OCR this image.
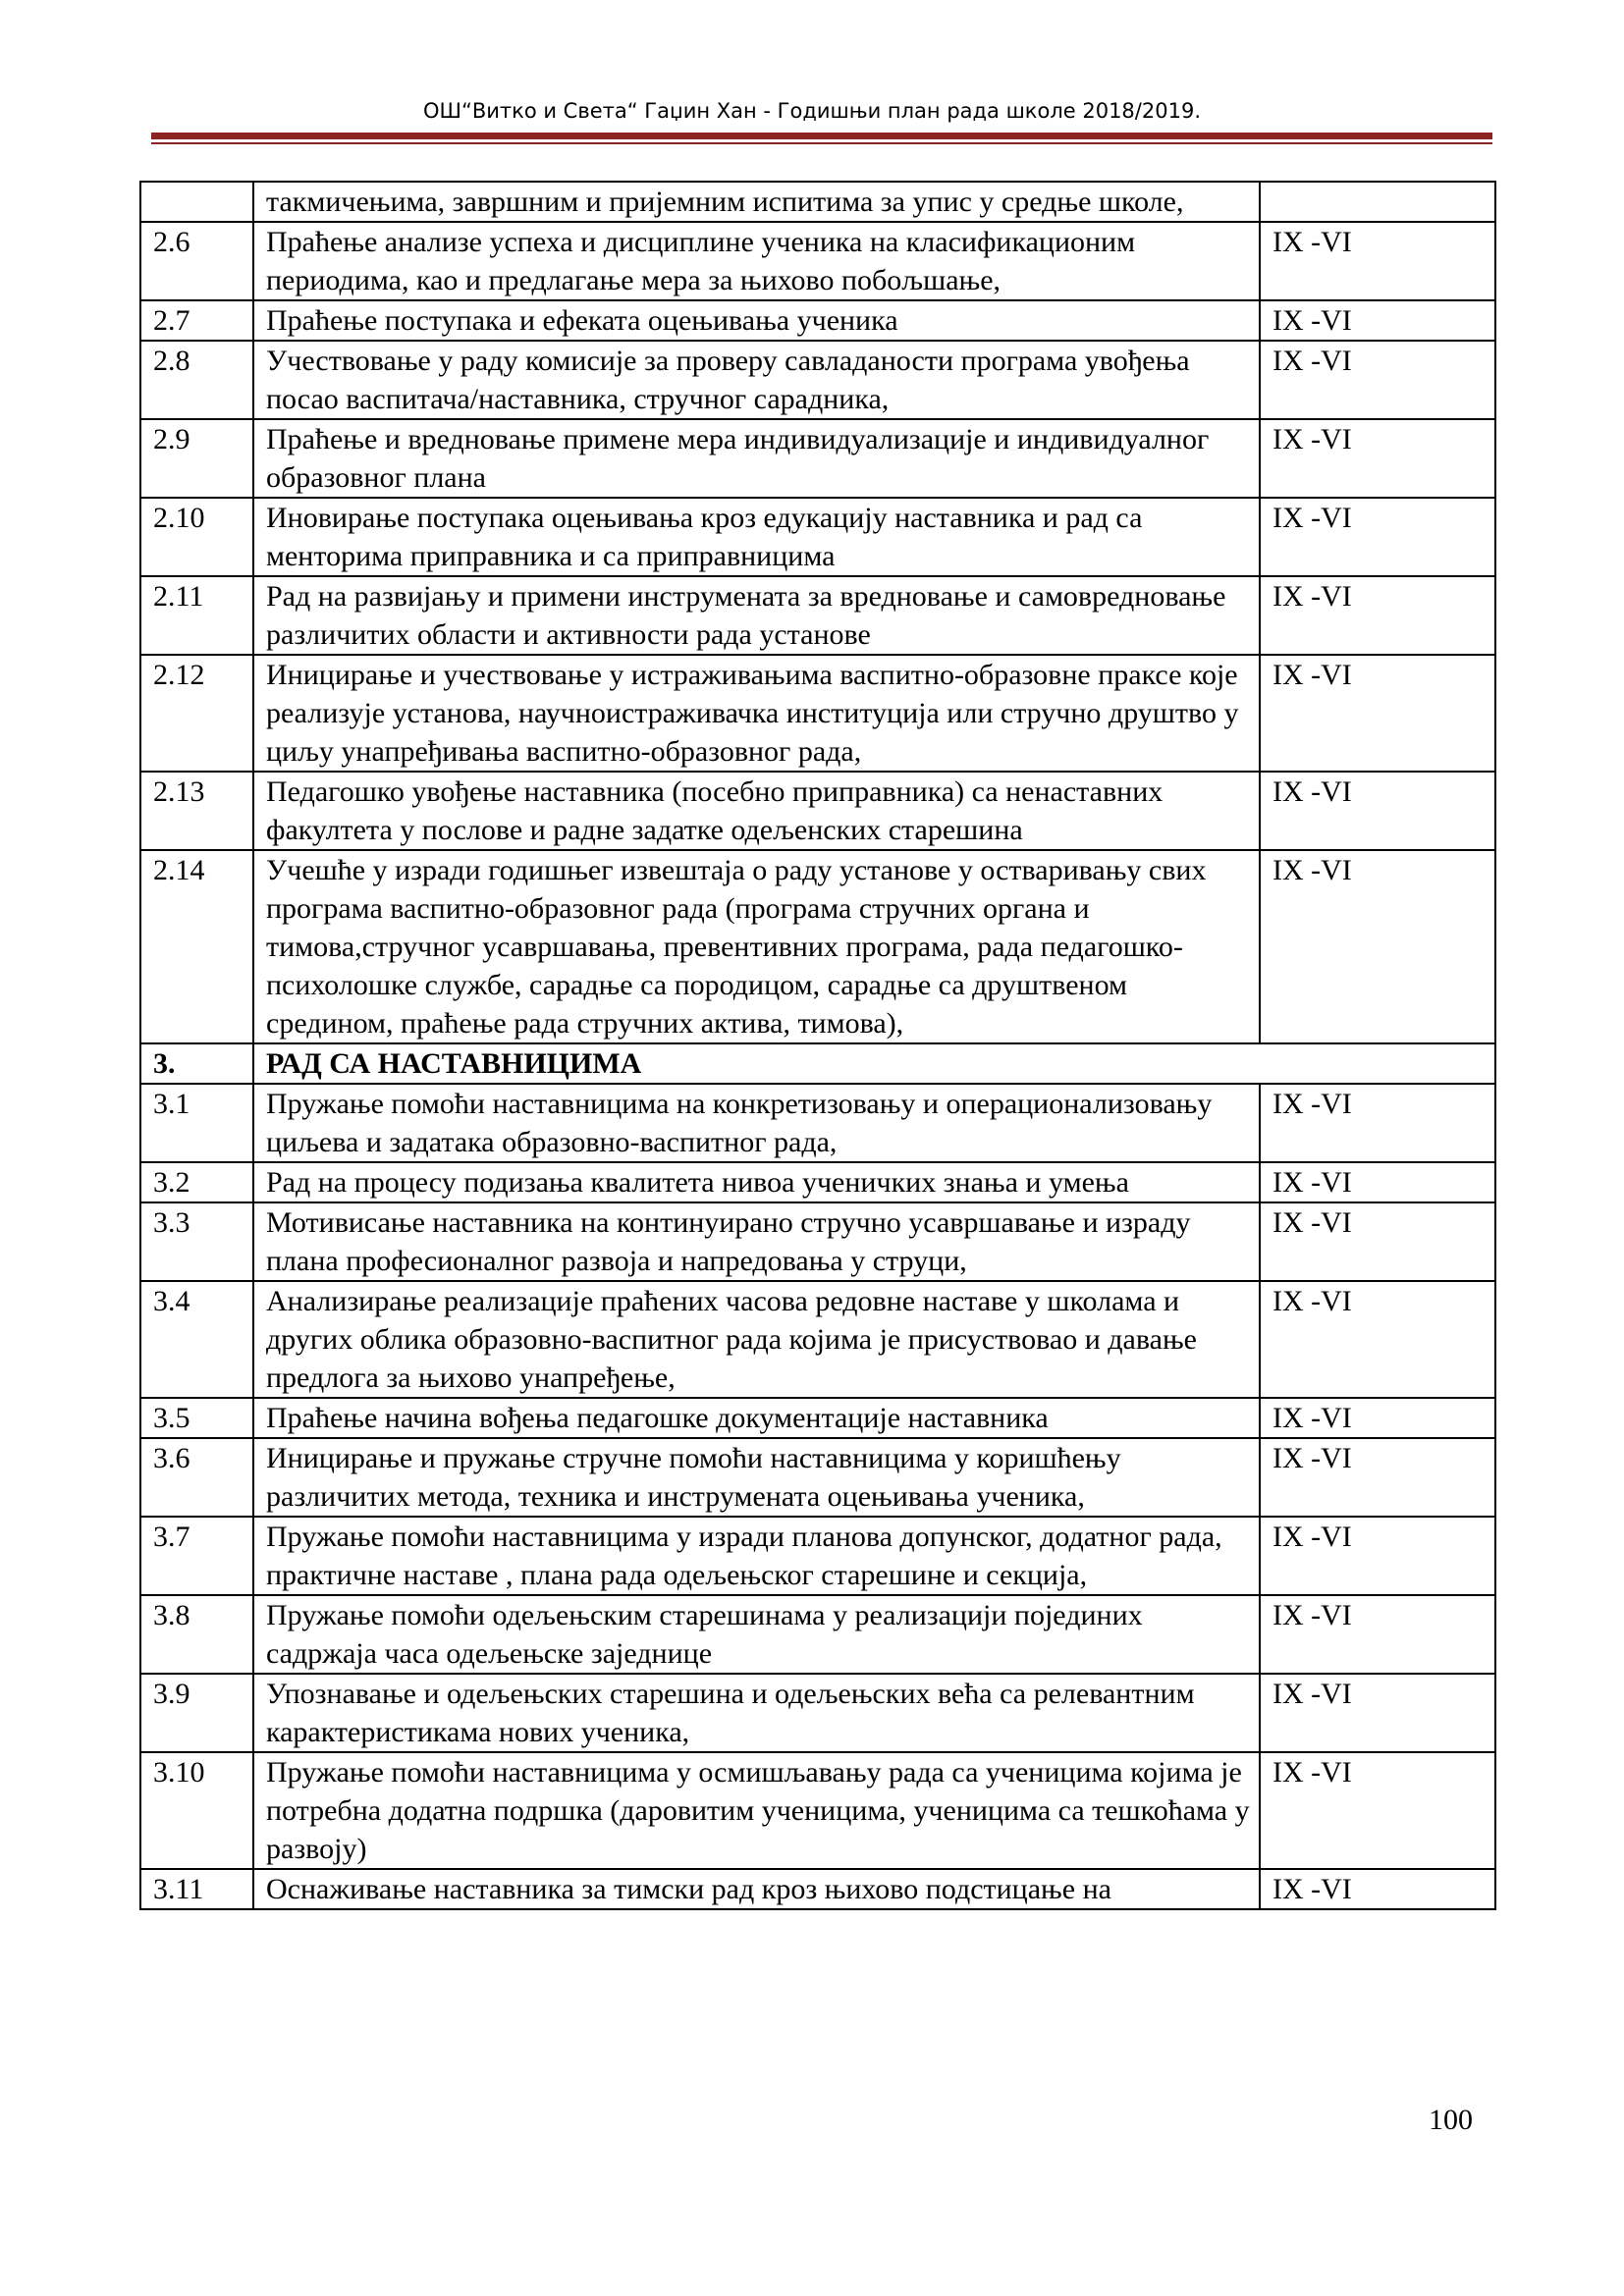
ОШ“Витко и Света“ Гаџин Хан - Годишњи план рада школе 2018/2019.
	такмичењима, завршним и пријемним испитима за упис у средње школе,	
2.6	Праћење анализе успеха и дисциплине ученика на класификационим периодима, као и предлагање мера за њихово побољшање,	IX -VI
2.7	Праћење поступака и ефеката оцењивања ученика	IX -VI
2.8	Учествовање у раду комисије за проверу савладаности програма увођења посао васпитача/наставника, стручног сарадника,	IX -VI
2.9	Праћење и вредновање примене мера индивидуализације и индивидуалног образовног плана	IX -VI
2.10	Иновирање поступака оцењивања кроз едукацију наставника и рад са менторима приправника и са приправницима	IX -VI
2.11	Рад на развијању и примени инструмената за вредновање и самовредновање различитих области и активности рада установе	IX -VI
2.12	Иницирање и учествовање у истраживањима васпитно-образовне праксе које реализује установа, научноистраживачка институција или стручно друштво у циљу унапређивања васпитно-образовног рада,	IX -VI
2.13	Педагошко увођење наставника (посебно приправника) са ненаставних факултета у послове и радне задатке одељенских старешина	IX -VI
2.14	Учешће у изради годишњег извештаја о раду установе у остваривању свих програма васпитно-образовног рада (програма стручних органа и тимова,стручног усавршавања, превентивних програма, рада педагошко-психолошке службе, сарадње са породицом, сарадње са друштвеном средином, праћење рада стручних актива, тимова),	IX -VI
3.	РАД СА НАСТАВНИЦИМА	
3.1	Пружање помоћи наставницима на конкретизовању и операционализовању циљева и задатака образовно-васпитног рада,	IX -VI
3.2	Рад на процесу подизања квалитета нивоа ученичких знања и умења	IX -VI
3.3	Мотивисање наставника на континуирано стручно усавршавање и израду плана професионалног развоја и напредовања у струци,	IX -VI
3.4	Анализирање реализације праћених часова редовне наставе у школама и других облика образовно-васпитног рада којима је присуствовао и давање предлога за њихово унапређење,	IX -VI
3.5	Праћење начина вођења педагошке документације наставника	IX -VI
3.6	Иницирање и пружање стручне помоћи наставницима у коришћењу различитих метода, техника и инструмената оцењивања ученика,	IX -VI
3.7	Пружање помоћи наставницима у изради планова допунског, додатног рада, практичне наставе , плана рада одељењског старешине и секција,	IX -VI
3.8	Пружање помоћи одељењским старешинама у реализацији појединих садржаја часа одељењске заједнице	IX -VI
3.9	Упознавање и одељењских старешина и одељењских већа са релевантним карактеристикама нових ученика,	IX -VI
3.10	Пружање помоћи наставницима у осмишљавању рада са ученицима којима је потребна додатна подршка (даровитим ученицима, ученицима са тешкоћама у развоју)	IX -VI
3.11	Оснаживање наставника за тимски рад кроз њихово подстицање на	IX -VI
100
